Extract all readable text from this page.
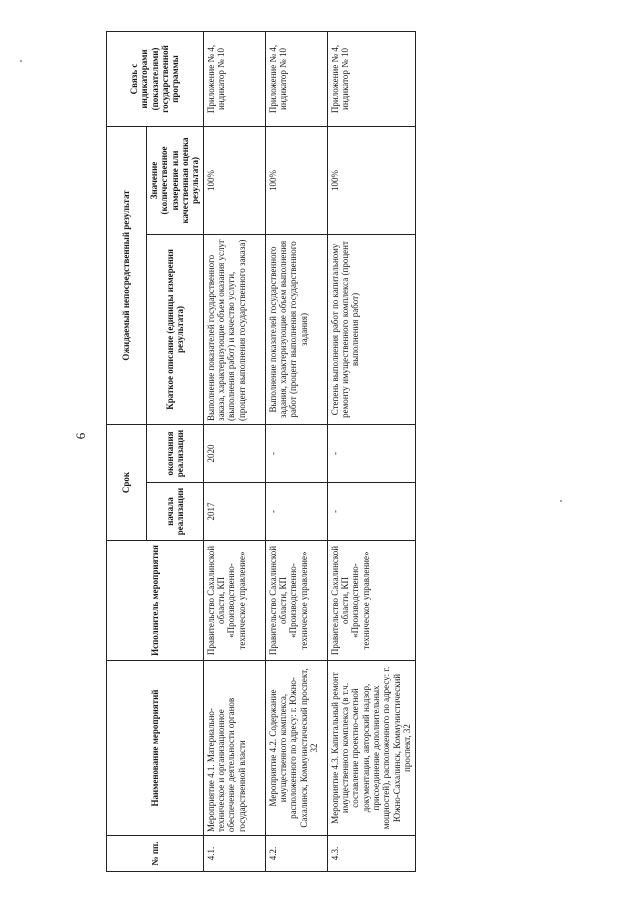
6
№ пп.	Наименование мероприятий	Исполнитель мероприятия	Срок		Ожидаемый непосредственный результат		Связь с индикаторами (показателями) государственной программы
			начала реализации	окончания реализации	Краткое описание (единицы измерения результата)	Значение (количественное измерение или качественная оценка результата)	
4.1.	Мероприятие 4.1. Материально-техническое и организационное обеспечение деятельности органов государственной власти	Правительство Сахалинской области, КП «Производственно-техническое управление»	2017	2020	Выполнение показателей государственного заказа, характеризующие объем оказания услуг (выполнения работ) и качество услуги, (процент выполнения государственного заказа)	100%	Приложение № 4, индикатор № 10
4.2.	Мероприятие 4.2. Содержание имущественного комплекса, расположенного по адресу: г. Южно-Сахалинск, Коммунистический проспект, 32	Правительство Сахалинской области, КП «Производственно-техническое управление»	-	-	Выполнение показателей государственного задания, характеризующие объем выполнения работ (процент выполнения государственного задания)	100%	Приложение № 4, индикатор № 10
4.3.	Мероприятие 4.3. Капитальный ремонт имущественного комплекса (в т.ч. составление проектно-сметной документации, авторский надзор, присоединение дополнительных мощностей), расположенного по адресу: г. Южно-Сахалинск, Коммунистический проспект, 32	Правительство Сахалинской области, КП «Производственно-техническое управление»	-	-	Степень выполнения работ по капитальному ремонту имущественного комплекса (процент выполнения работ)	100%	Приложение № 4, индикатор № 10
